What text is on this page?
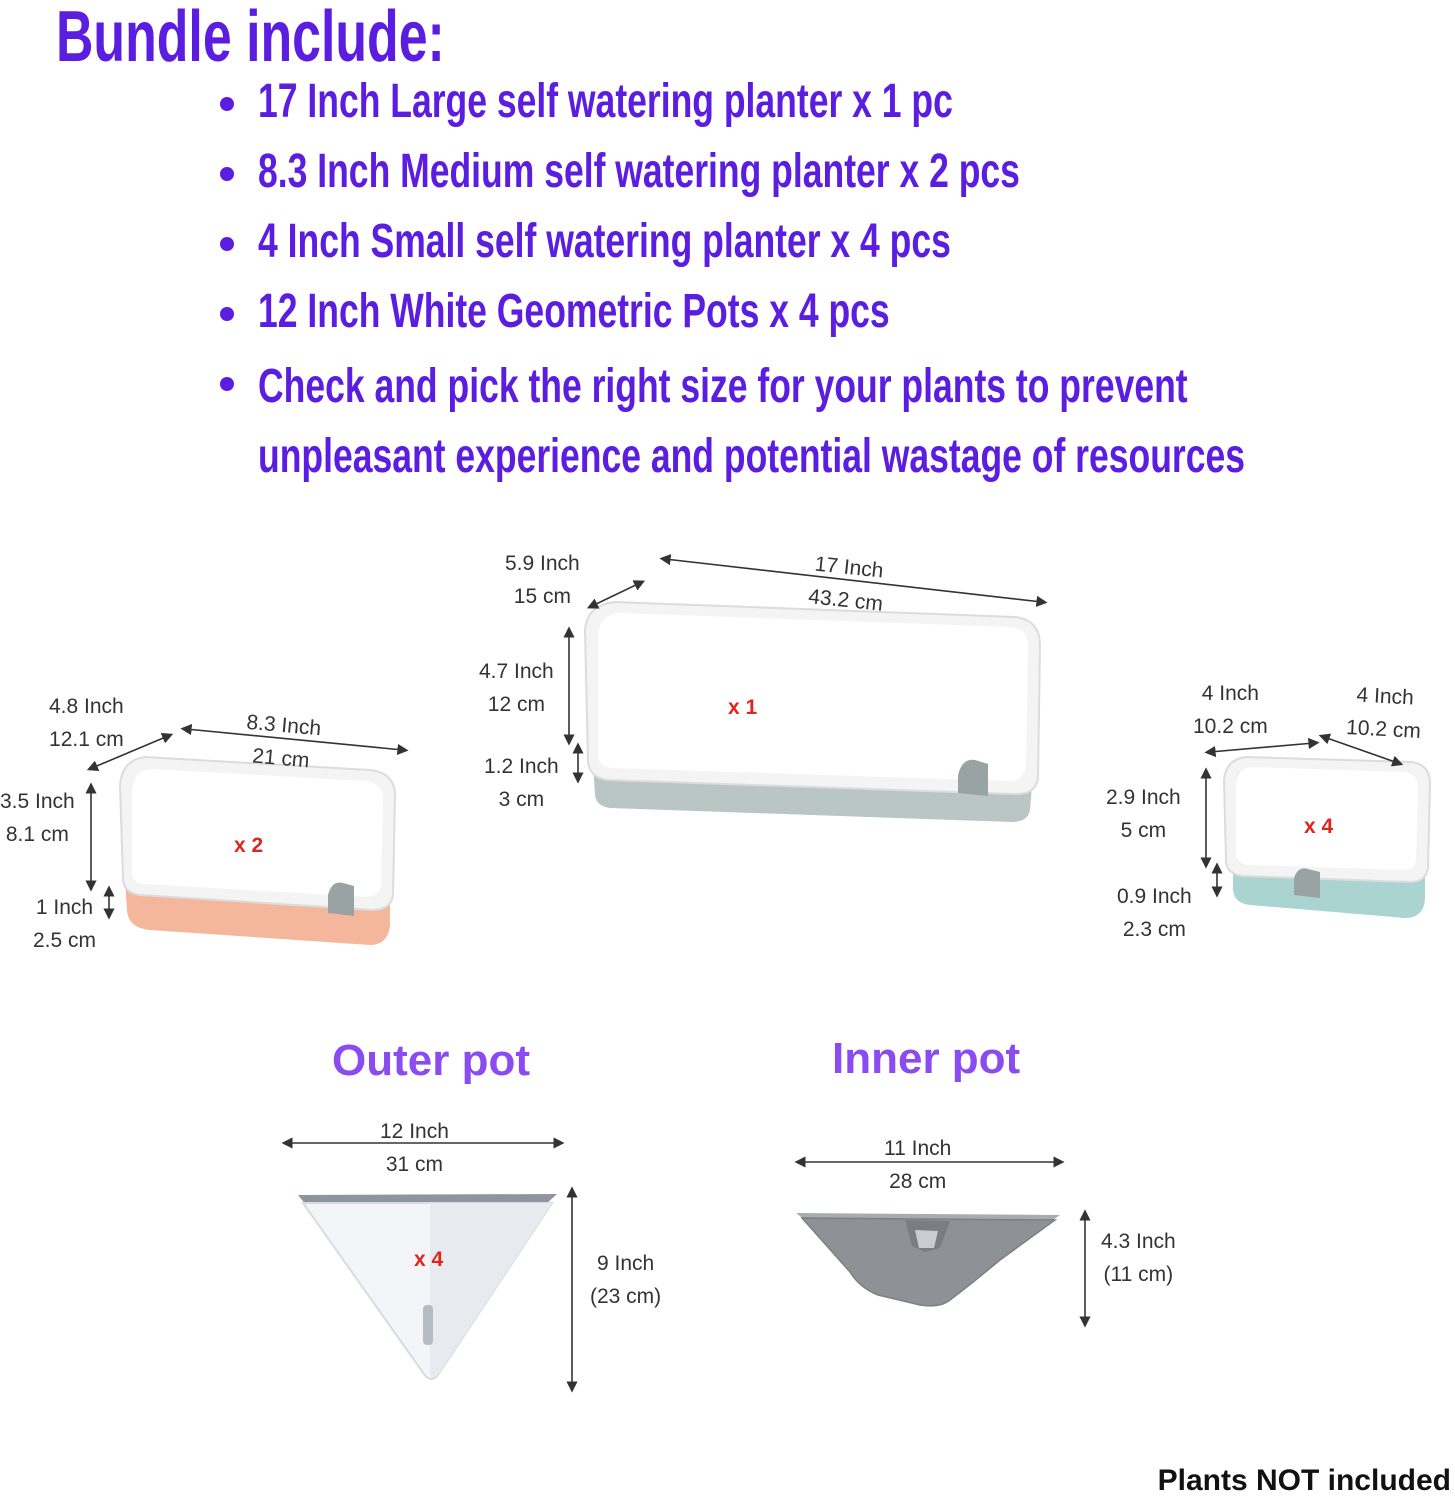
Bundle include:
17 Inch Large self watering planter x 1 pc
8.3 Inch Medium self watering planter x 2 pcs
4 Inch Small self watering planter x 4 pcs
12 Inch White Geometric Pots x 4 pcs
Check and pick the right size for your plants to prevent unpleasant experience and potential wastage of resources
5.9 Inch
15 cm
17 Inch
43.2 cm
4.7 Inch
12 cm
1.2 Inch
3 cm
x 1
4.8 Inch
12.1 cm	8.3 Inch
21 cm
3.5 Inch
8.1 cm
1 Inch
2.5 cm
x 2
4 Inch
10.2 cm
4 Inch
10.2 cm
2.9 Inch
5 cm
0.9 Inch
2.3 cm
x 4
Outer pot
12 Inch
31 cm
9 Inch
(23 cm)
x 4
Inner pot
11 Inch
28 cm
4.3 Inch
(11 cm)
Plants NOT included
